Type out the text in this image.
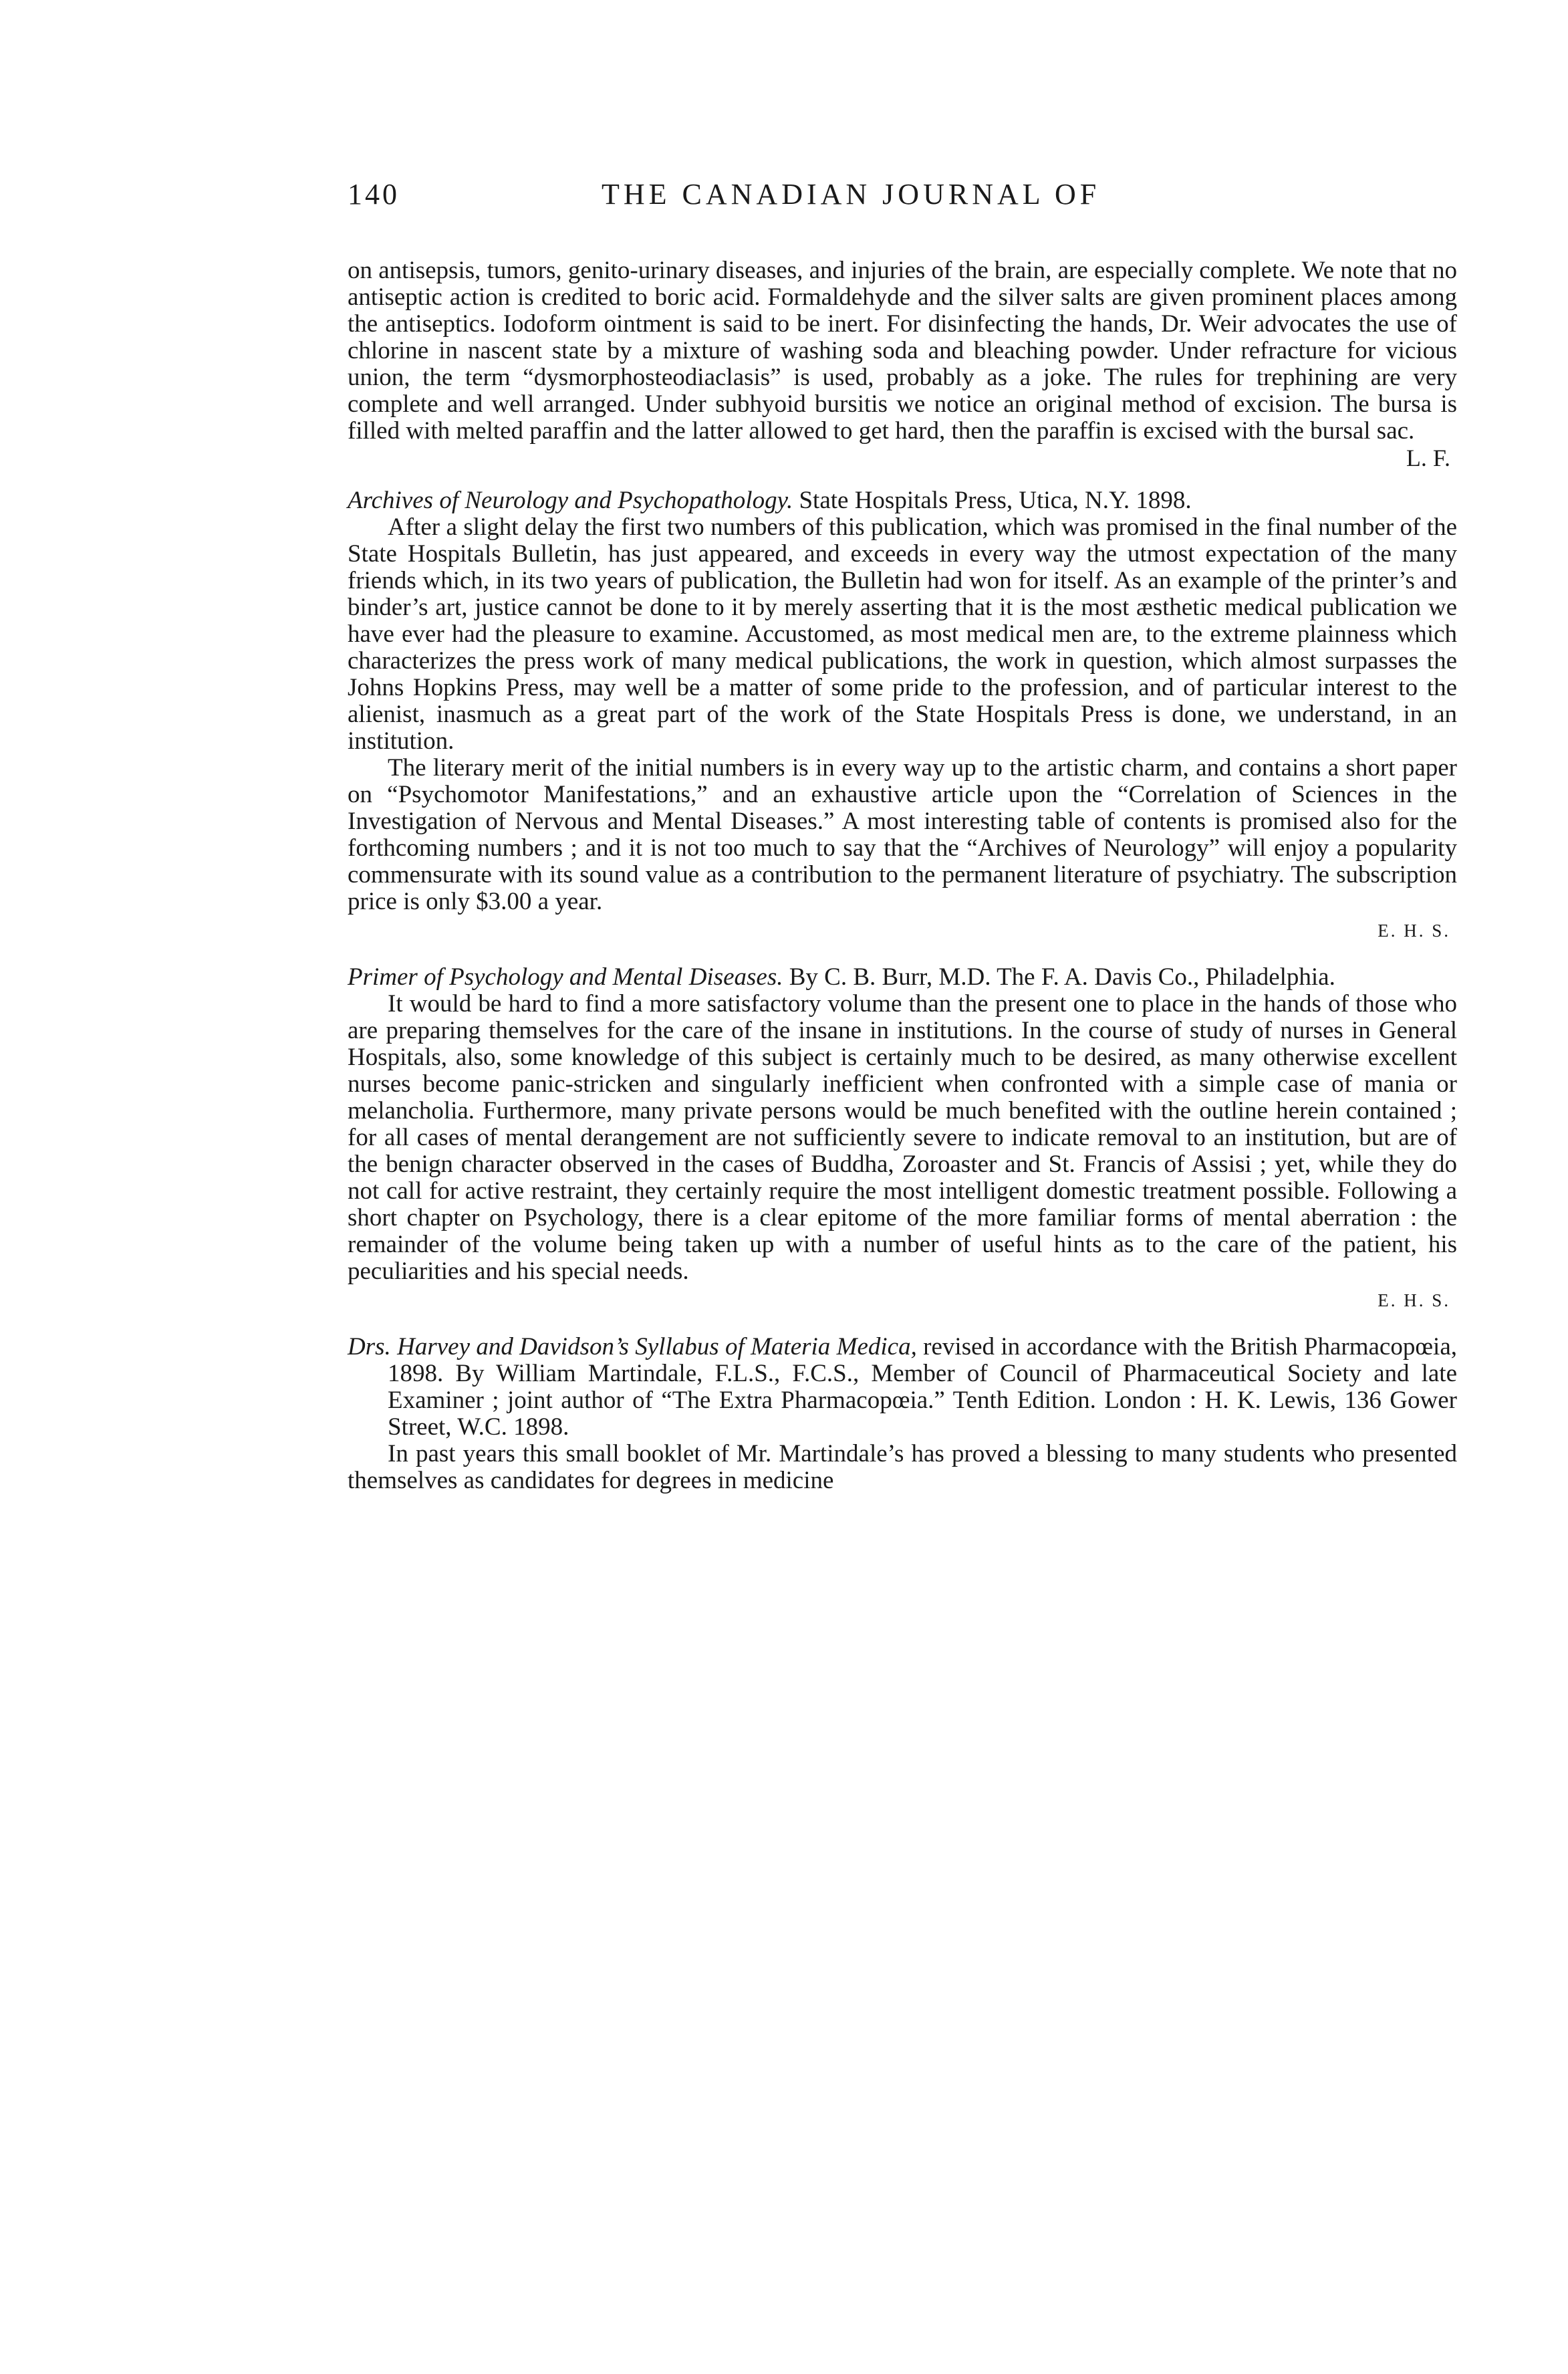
140	THE CANADIAN JOURNAL OF

on antisepsis, tumors, genito-urinary diseases, and injuries of the brain, are especially complete. We note that no antiseptic action is credited to boric acid. Formaldehyde and the silver salts are given prominent places among the antiseptics. Iodoform ointment is said to be inert. For disinfecting the hands, Dr. Weir advocates the use of chlorine in nascent state by a mixture of washing soda and bleaching powder. Under refracture for vicious union, the term “dysmorphosteodiaclasis” is used, probably as a joke. The rules for trephining are very complete and well arranged. Under subhyoid bursitis we notice an original method of excision. The bursa is filled with melted paraffin and the latter allowed to get hard, then the paraffin is excised with the bursal sac.

L. F.
Archives of Neurology and Psychopathology. State Hospitals Press, Utica, N.Y. 1898.

After a slight delay the first two numbers of this publication, which was promised in the final number of the State Hospitals Bulletin, has just appeared, and exceeds in every way the utmost expectation of the many friends which, in its two years of publication, the Bulletin had won for itself. As an example of the printer’s and binder’s art, justice cannot be done to it by merely asserting that it is the most æsthetic medical publication we have ever had the pleasure to examine. Accustomed, as most medical men are, to the extreme plainness which characterizes the press work of many medical publications, the work in question, which almost surpasses the Johns Hopkins Press, may well be a matter of some pride to the profession, and of particular interest to the alienist, inasmuch as a great part of the work of the State Hospitals Press is done, we understand, in an institution.

The literary merit of the initial numbers is in every way up to the artistic charm, and contains a short paper on “Psychomotor Manifestations,” and an exhaustive article upon the “Correlation of Sciences in the Investigation of Nervous and Mental Diseases.” A most interesting table of contents is promised also for the forthcoming numbers ; and it is not too much to say that the “Archives of Neurology” will enjoy a popularity commensurate with its sound value as a contribution to the permanent literature of psychiatry. The subscription price is only $3.00 a year.

E. H. S.
Primer of Psychology and Mental Diseases. By C. B. Burr, M.D. The F. A. Davis Co., Philadelphia.

It would be hard to find a more satisfactory volume than the present one to place in the hands of those who are preparing themselves for the care of the insane in institutions. In the course of study of nurses in General Hospitals, also, some knowledge of this subject is certainly much to be desired, as many otherwise excellent nurses become panic-stricken and singularly inefficient when confronted with a simple case of mania or melancholia. Furthermore, many private persons would be much benefited with the outline herein contained ; for all cases of mental derangement are not sufficiently severe to indicate removal to an institution, but are of the benign character observed in the cases of Buddha, Zoroaster and St. Francis of Assisi ; yet, while they do not call for active restraint, they certainly require the most intelligent domestic treatment possible. Following a short chapter on Psychology, there is a clear epitome of the more familiar forms of mental aberration : the remainder of the volume being taken up with a number of useful hints as to the care of the patient, his peculiarities and his special needs.

E. H. S.
Drs. Harvey and Davidson’s Syllabus of Materia Medica, revised in accordance with the British Pharmacopœia, 1898. By William Martindale, F.L.S., F.C.S., Member of Council of Pharmaceutical Society and late Examiner ; joint author of “The Extra Pharmacopœia.” Tenth Edition. London : H. K. Lewis, 136 Gower Street, W.C. 1898.

In past years this small booklet of Mr. Martindale’s has proved a blessing to many students who presented themselves as candidates for degrees in medicine
